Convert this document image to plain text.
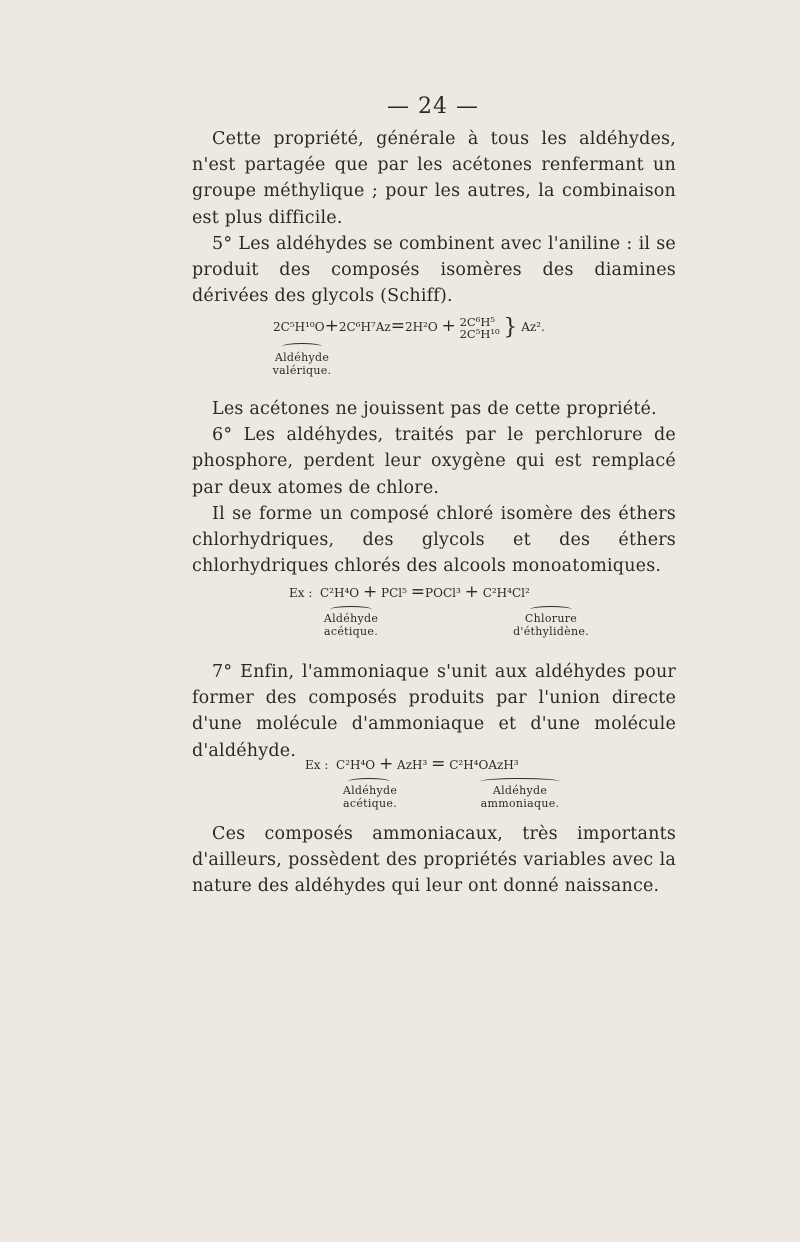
— 24 —

Cette propriété, générale à tous les aldéhydes, n'est partagée que par les acétones renfermant un groupe méthylique ; pour les autres, la combinaison est plus difficile.

5° Les aldéhydes se combinent avec l'aniline : il se produit des composés isomères des diamines dérivées des glycols (Schiff).

2C⁵H¹⁰O+2C⁶H⁷Az=2H²O + 2C⁶H⁵
2C⁵H¹⁰ } Az².
Aldéhyde
valérique.

Les acétones ne jouissent pas de cette propriété.

6° Les aldéhydes, traités par le perchlorure de phosphore, perdent leur oxygène qui est remplacé par deux atomes de chlore.

Il se forme un composé chloré isomère des éthers chlorhydriques, des glycols et des éthers chlorhydriques chlorés des alcools monoatomiques.

Ex : C²H⁴O + PCl⁵ =POCl³ + C²H⁴Cl²
Aldéhyde
acétique.
Chlorure
d'éthylidène.

7° Enfin, l'ammoniaque s'unit aux aldéhydes pour former des composés produits par l'union directe d'une molécule d'ammoniaque et d'une molécule d'aldéhyde.

Ex : C²H⁴O + AzH³ = C²H⁴OAzH³
Aldéhyde
acétique.
Aldéhyde
ammoniaque.

Ces composés ammoniacaux, très importants d'ailleurs, possèdent des propriétés variables avec la nature des aldéhydes qui leur ont donné naissance.
